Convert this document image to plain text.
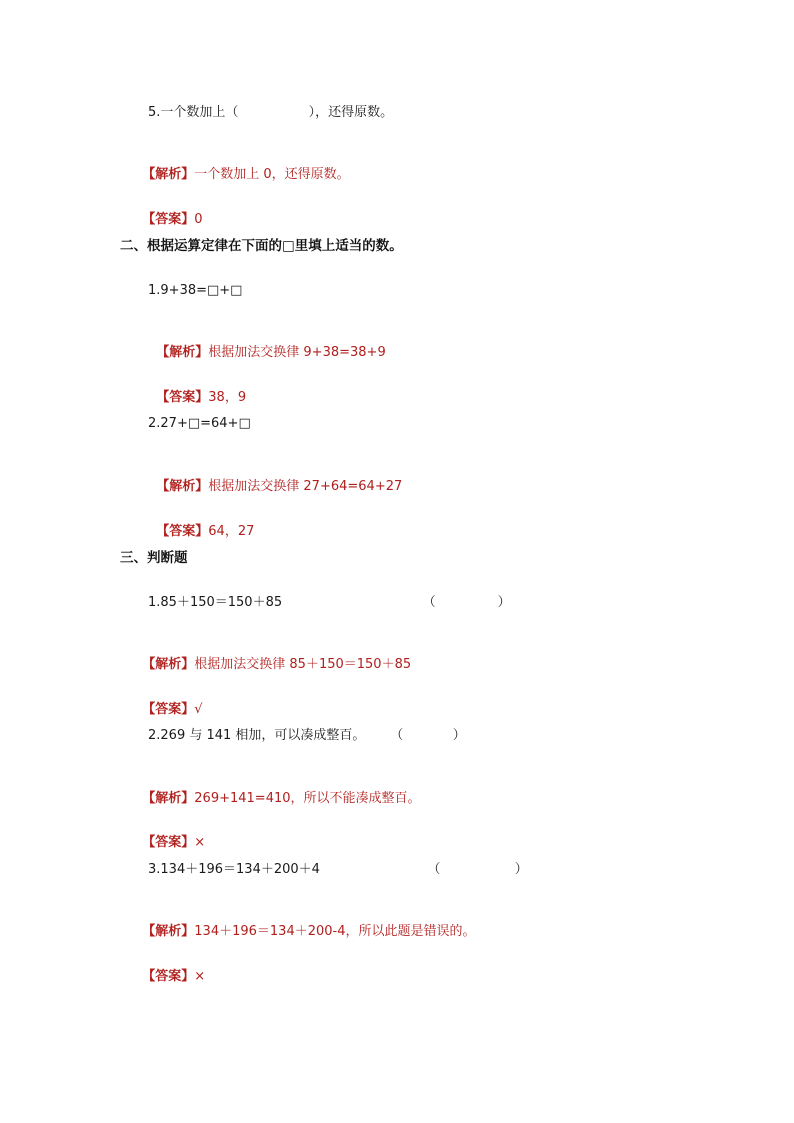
5.一个数加上（                 ），还得原数。

【解析】一个数加上 0，还得原数。

【答案】0

二、根据运算定律在下面的□里填上适当的数。
1.9+38=□+□

【解析】根据加法交换律 9+38=38+9

【答案】38，9

2.27+□=64+□

【解析】根据加法交换律 27+64=64+27

【答案】64，27

三、判断题
1.85＋150＝150＋85                                  （               ）

【解析】根据加法交换律 85＋150＝150＋85

【答案】√

2.269 与 141 相加，可以凑成整百。      （            ）

【解析】269+141=410，所以不能凑成整百。

【答案】×

3.134＋196＝134＋200＋4                          （                  ）

【解析】134＋196＝134＋200-4，所以此题是错误的。

【答案】×
